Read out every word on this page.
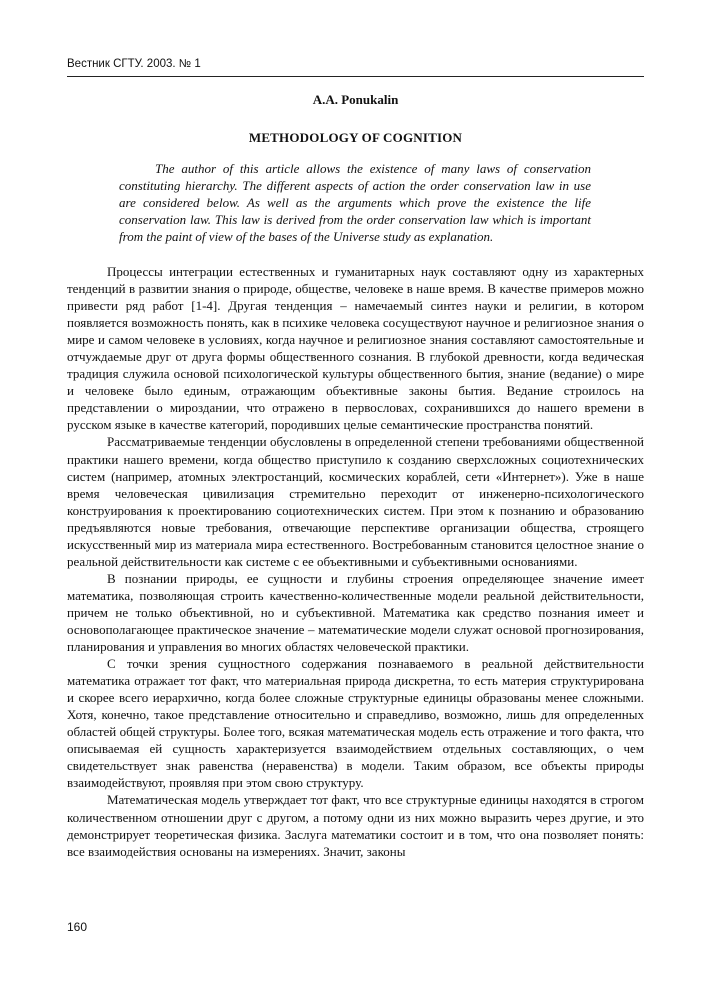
Вестник СГТУ. 2003. № 1
A.A. Ponukalin
METHODOLOGY OF COGNITION

The author of this article allows the existence of many laws of conservation constituting hierarchy. The different aspects of action the order conservation law in use are considered below. As well as the arguments which prove the existence the life conservation law. This law is derived from the order conservation law which is important from the paint of view of the bases of the Universe study as explanation.

Процессы интеграции естественных и гуманитарных наук составляют одну из характерных тенденций в развитии знания о природе, обществе, человеке в наше время. В качестве примеров можно привести ряд работ [1-4]. Другая тенденция – намечаемый синтез науки и религии, в котором появляется возможность понять, как в психике человека сосуществуют научное и религиозное знания о мире и самом человеке в условиях, когда научное и религиозное знания составляют самостоятельные и отчуждаемые друг от друга формы общественного сознания. В глубокой древности, когда ведическая традиция служила основой психологической культуры общественного бытия, знание (ведание) о мире и человеке было единым, отражающим объективные законы бытия. Ведание строилось на представлении о мироздании, что отражено в первословах, сохранившихся до нашего времени в русском языке в качестве категорий, породивших целые семантические пространства понятий.

Рассматриваемые тенденции обусловлены в определенной степени требованиями общественной практики нашего времени, когда общество приступило к созданию сверхсложных социотехнических систем (например, атомных электростанций, космических кораблей, сети «Интернет»). Уже в наше время человеческая цивилизация стремительно переходит от инженерно-психологического конструирования к проектированию социотехнических систем. При этом к познанию и образованию предъявляются новые требования, отвечающие перспективе организации общества, строящего искусственный мир из материала мира естественного. Востребованным становится целостное знание о реальной действительности как системе с ее объективными и субъективными основаниями.

В познании природы, ее сущности и глубины строения определяющее значение имеет математика, позволяющая строить качественно-количественные модели реальной действительности, причем не только объективной, но и субъективной. Математика как средство познания имеет и основополагающее практическое значение – математические модели служат основой прогнозирования, планирования и управления во многих областях человеческой практики.

С точки зрения сущностного содержания познаваемого в реальной действительности математика отражает тот факт, что материальная природа дискретна, то есть материя структурирована и скорее всего иерархично, когда более сложные структурные единицы образованы менее сложными. Хотя, конечно, такое представление относительно и справедливо, возможно, лишь для определенных областей общей структуры. Более того, всякая математическая модель есть отражение и того факта, что описываемая ей сущность характеризуется взаимодействием отдельных составляющих, о чем свидетельствует знак равенства (неравенства) в модели. Таким образом, все объекты природы взаимодействуют, проявляя при этом свою структуру.

Математическая модель утверждает тот факт, что все структурные единицы находятся в строгом количественном отношении друг с другом, а потому одни из них можно выразить через другие, и это демонстрирует теоретическая физика. Заслуга математики состоит и в том, что она позволяет понять: все взаимодействия основаны на измерениях. Значит, законы

160
